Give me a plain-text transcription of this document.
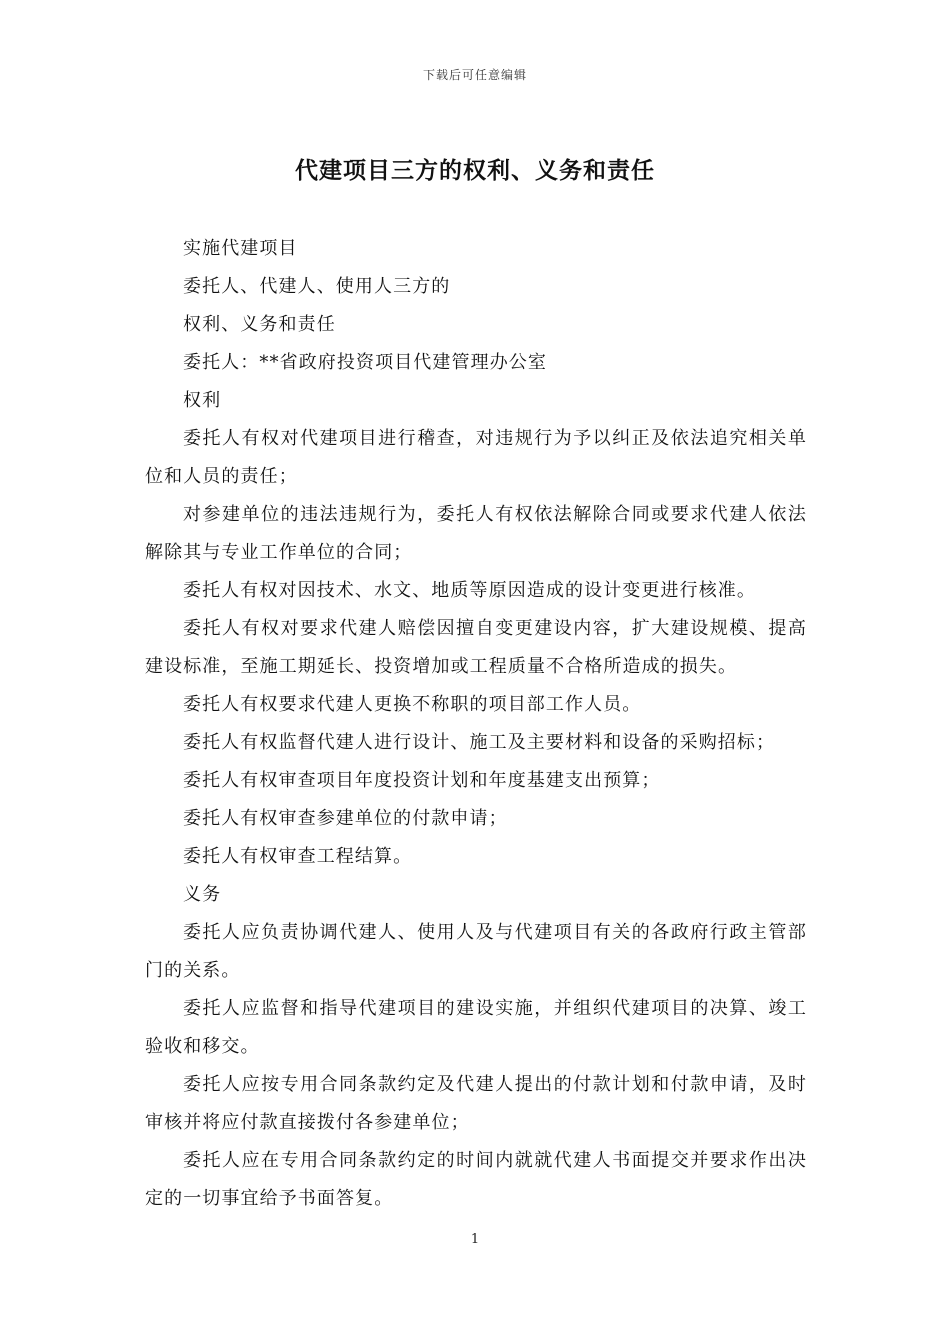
下载后可任意编辑
代建项目三方的权利、义务和责任

实施代建项目

委托人、代建人、使用人三方的

权利、义务和责任

委托人：**省政府投资项目代建管理办公室

权利

委托人有权对代建项目进行稽查，对违规行为予以纠正及依法追究相关单位和人员的责任；

对参建单位的违法违规行为，委托人有权依法解除合同或要求代建人依法解除其与专业工作单位的合同；

委托人有权对因技术、水文、地质等原因造成的设计变更进行核准。

委托人有权对要求代建人赔偿因擅自变更建设内容，扩大建设规模、提高建设标准，至施工期延长、投资增加或工程质量不合格所造成的损失。

委托人有权要求代建人更换不称职的项目部工作人员。

委托人有权监督代建人进行设计、施工及主要材料和设备的采购招标；

委托人有权审查项目年度投资计划和年度基建支出预算；

委托人有权审查参建单位的付款申请；

委托人有权审查工程结算。

义务

委托人应负责协调代建人、使用人及与代建项目有关的各政府行政主管部门的关系。

委托人应监督和指导代建项目的建设实施，并组织代建项目的决算、竣工验收和移交。

委托人应按专用合同条款约定及代建人提出的付款计划和付款申请，及时审核并将应付款直接拨付各参建单位；

委托人应在专用合同条款约定的时间内就就代建人书面提交并要求作出决定的一切事宜给予书面答复。

1
